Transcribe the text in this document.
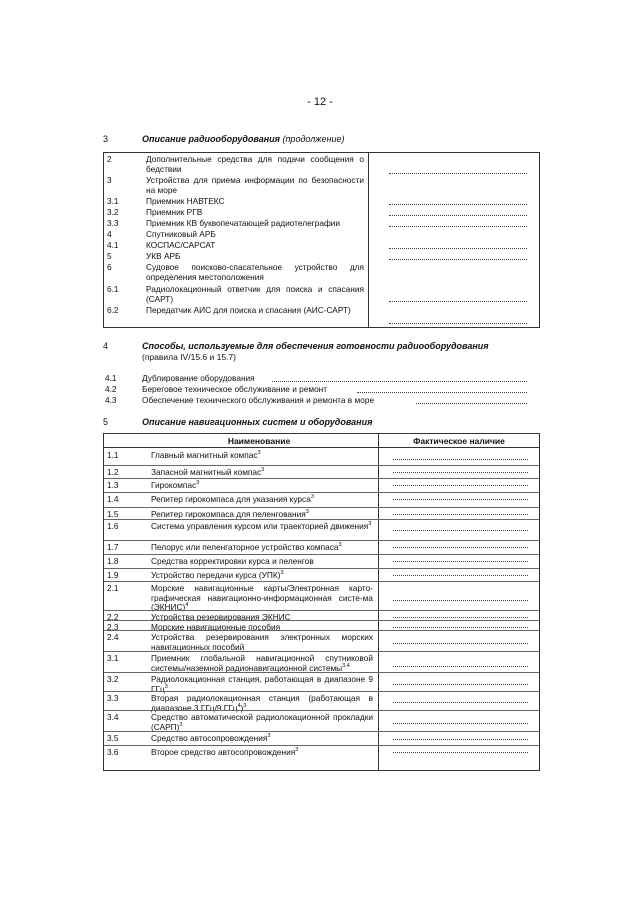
- 12 -
3	Описание радиооборудования (продолжение)
2	Дополнительные средства для подачи сообщения о бедствии
3	Устройства для приема информации по безопасности на море
3.1	Приемник НАВТЕКС
3.2	Приемник РГВ
3.3	Приемник КВ буквопечатающей радиотелеграфии
4	Спутниковый АРБ
4.1	КОСПАС/САРСАТ
5	УКВ АРБ
6	Судовое поисково-спасательное устройство для определения местоположения
6.1	Радиолокационный ответчик для поиска и спасания (САРТ)
6.2	Передатчик АИС для поиска и спасания (АИС-САРТ)
4	Способы, используемые для обеспечения готовности радиооборудования
(правила IV/15.6 и 15.7)
4.1	Дублирование оборудования
4.2	Береговое техническое обслуживание и ремонт
4.3	Обеспечение технического обслуживания и ремонта в море
5	Описание навигационных систем и оборудования
Наименование	Фактическое наличие
1.1	Главный магнитный компас$^3$
1.2	Запасной магнитный компас$^3$
1.3	Гирокомпас$^3$
1.4	Репитер гирокомпаса для указания курса$^3$
1.5	Репитер гирокомпаса для пеленгования$^3$
1.6	Система управления курсом или траекторией движения$^3$
1.7	Пелорус или пеленгаторное устройство компаса$^3$
1.8	Средства корректировки курса и пеленгов
1.9	Устройство передачи курса (УПК)$^3$
2.1	Морские навигационные карты/Электронная карто-графическая навигационно-информационная систе-ма (ЭКНИС)$^4$
2.2	Устройства резервирования ЭКНИС
2.3	Морские навигационные пособия
2.4	Устройства резервирования электронных морских навигационных пособий
3.1	Приемник глобальной навигационной спутниковой системы/наземной радионавигационной системы$^{3,4}$
3.2	Радиолокационная станция, работающая в диапазоне 9 ГГц$^3$
3.3	Вторая радиолокационная станция (работающая в диапазоне 3 ГГц/9 ГГц$^4$)$^3$
3.4	Средство автоматической радиолокационной прокладки (САРП)$^3$
3.5	Средство автосопровождения$^3$
3.6	Второе средство автосопровождения$^3$
